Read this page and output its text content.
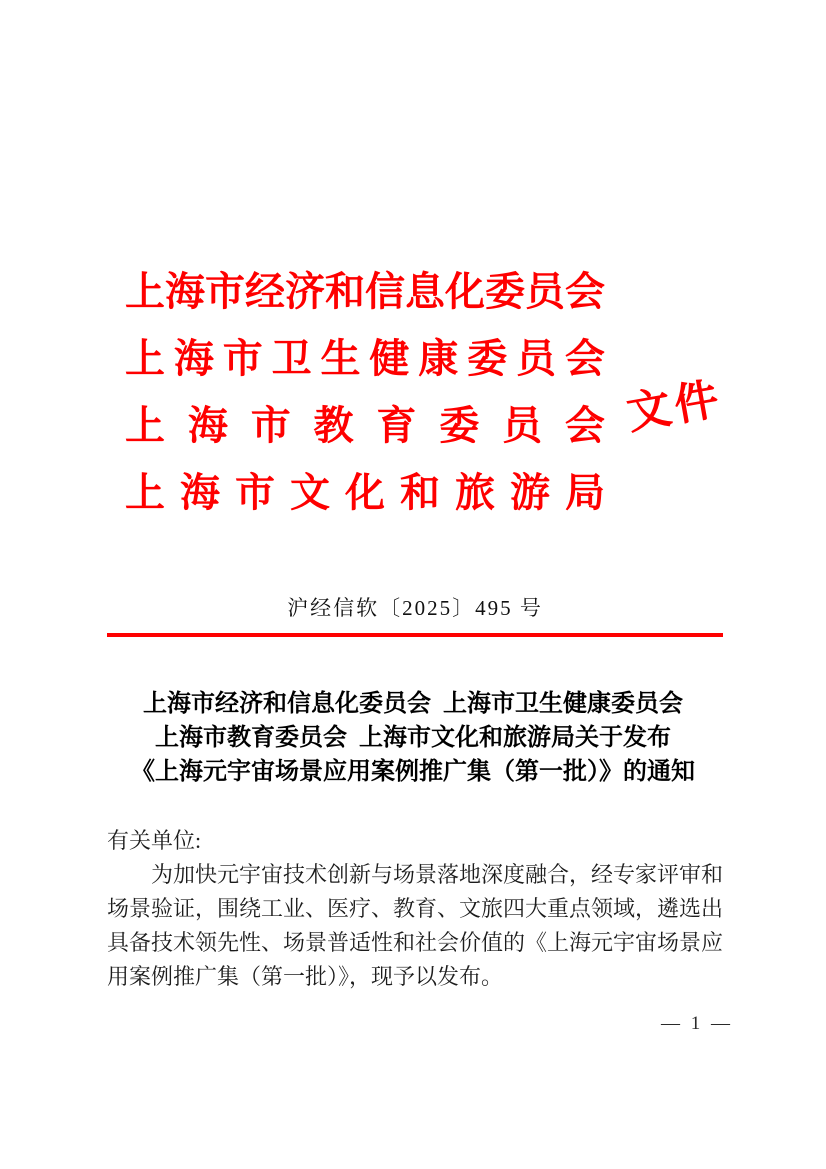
上 海 市 经 济 和 信 息 化 委 员 会
上 海 市 卫 生 健 康 委 员 会
上 海 市 教 育 委 员 会
上 海 市 文 化 和 旅 游 局
文件
沪经信软〔2025〕495 号
上海市经济和信息化委员会  上海市卫生健康委员会
上海市教育委员会  上海市文化和旅游局关于发布
《上海元宇宙场景应用案例推广集（第一批）》的通知
有关单位:

为加快元宇宙技术创新与场景落地深度融合，经专家评审和场景验证，围绕工业、医疗、教育、文旅四大重点领域，遴选出具备技术领先性、场景普适性和社会价值的《上海元宇宙场景应用案例推广集（第一批）》，现予以发布。

— 1 —
